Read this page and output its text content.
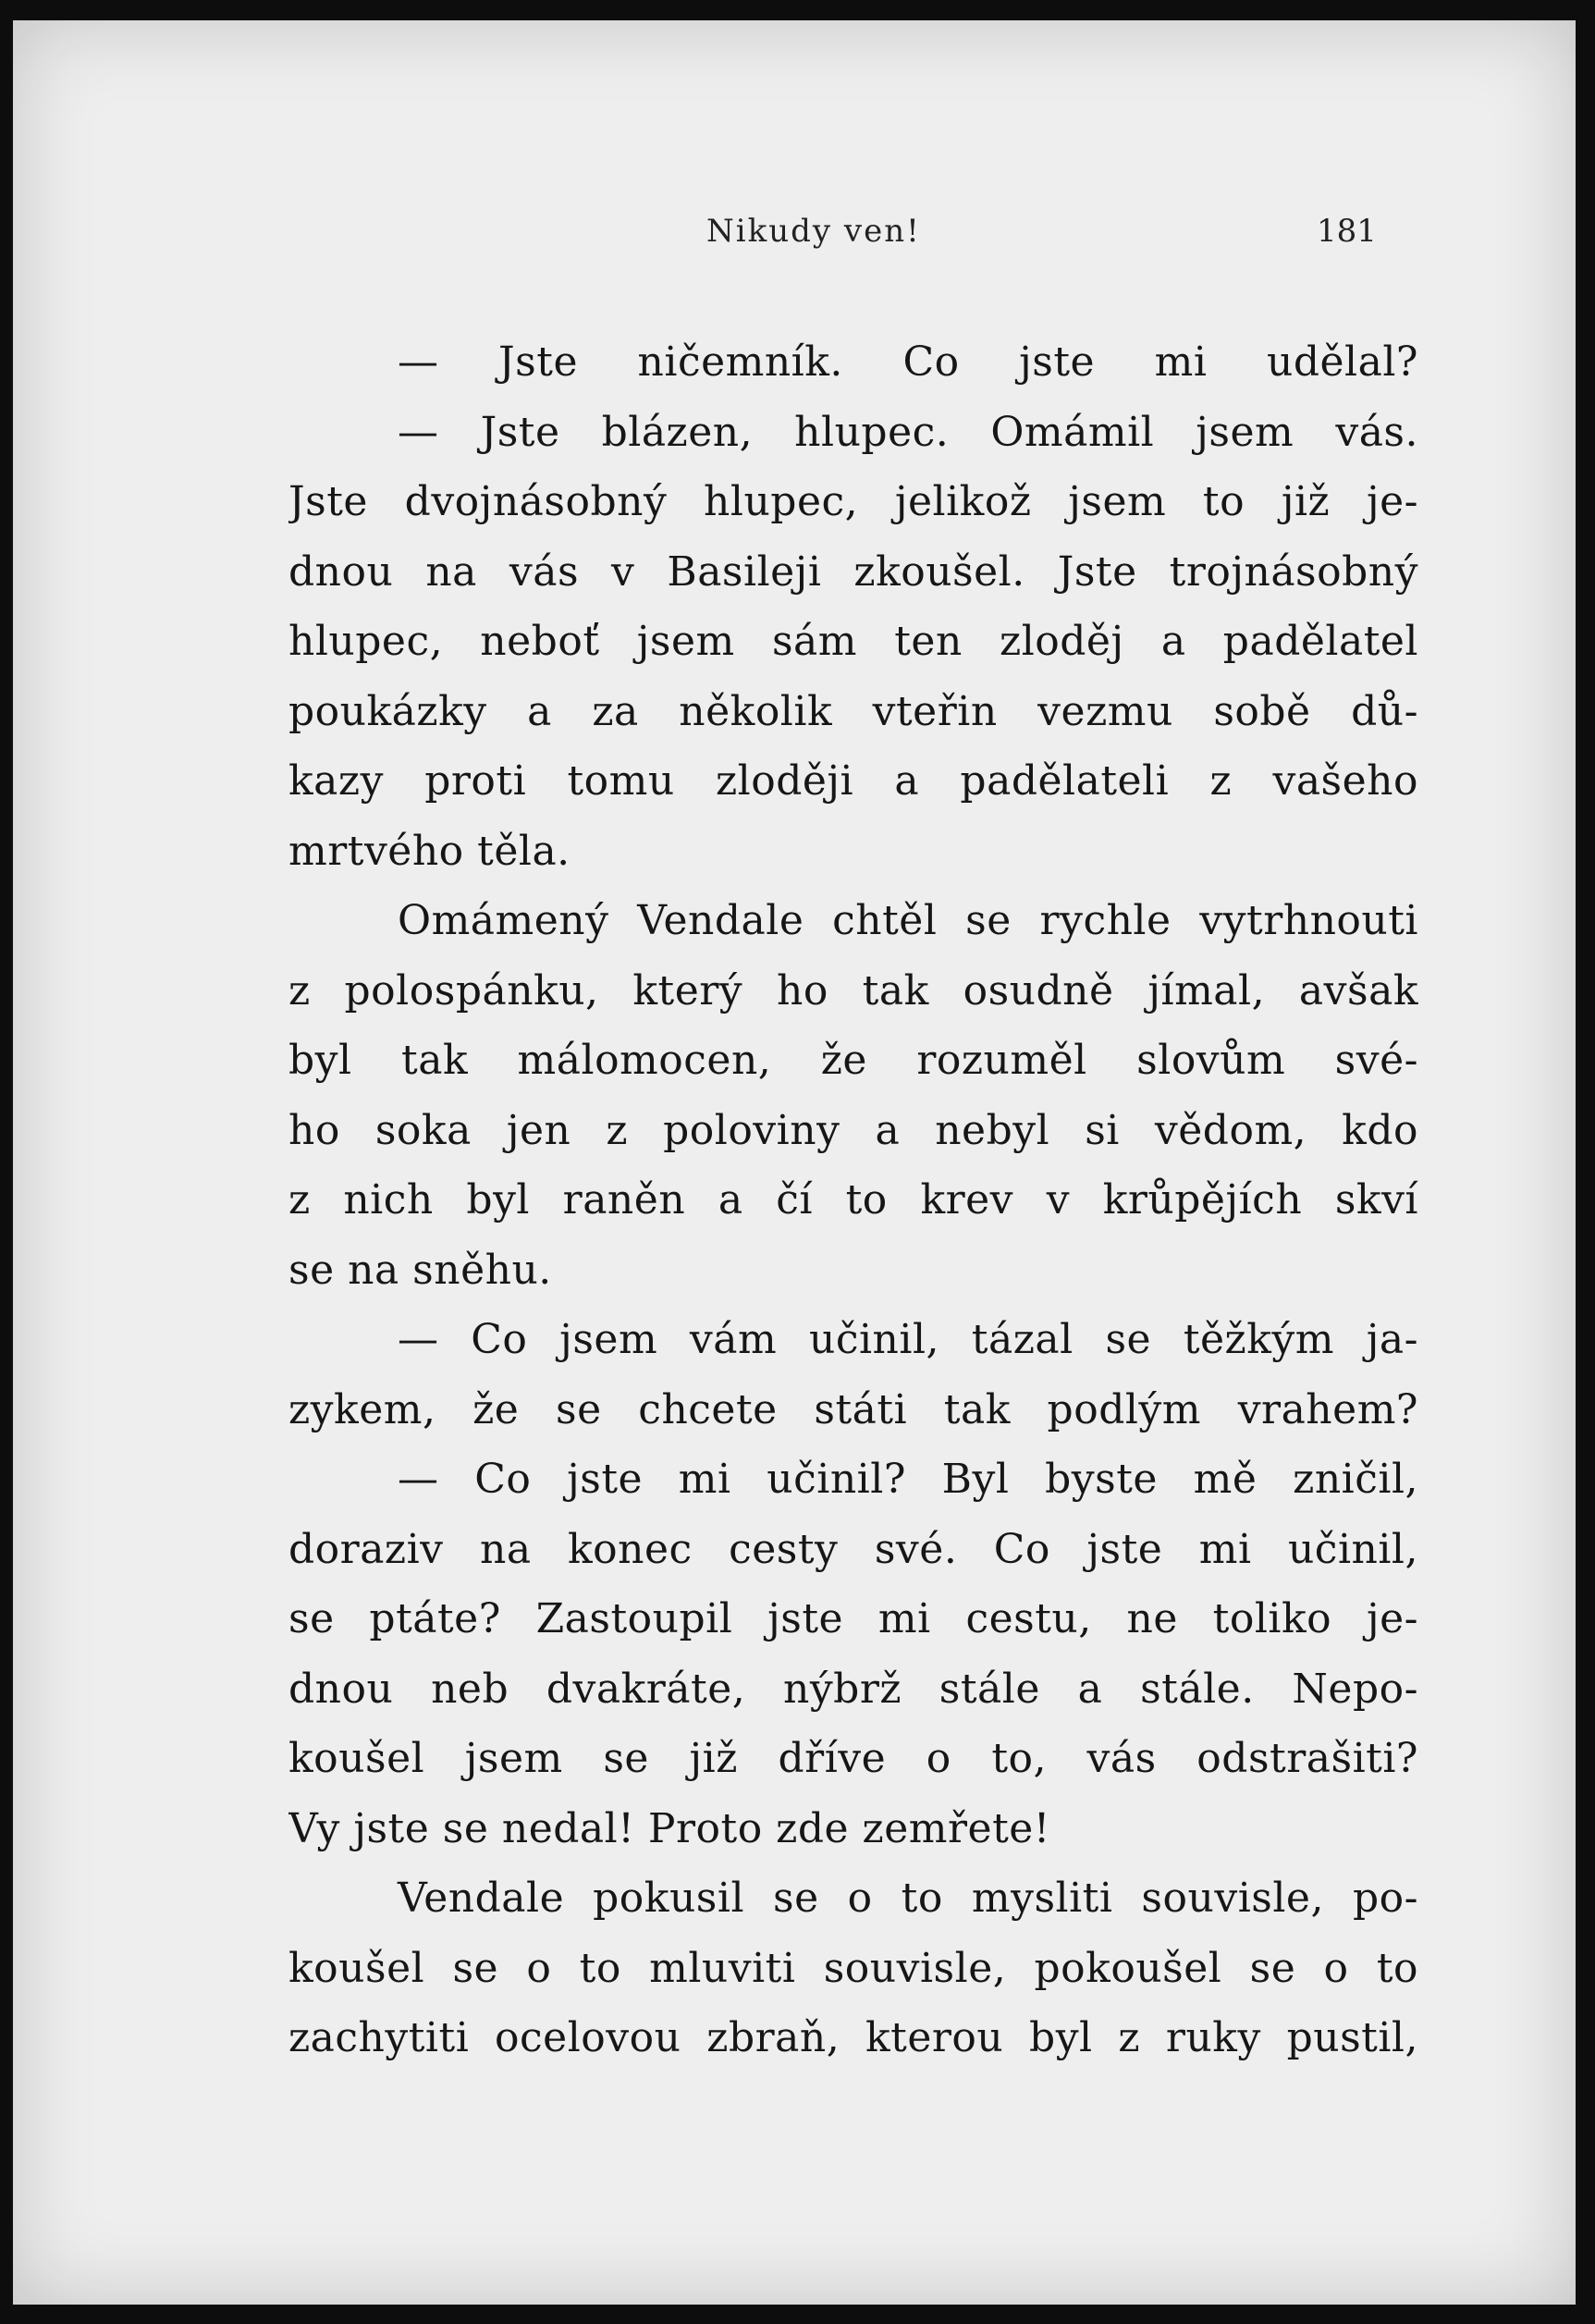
Nikudy ven!	181
— Jste ničemník. Co jste mi udělal?
— Jste blázen, hlupec. Omámil jsem vás.
Jste dvojnásobný hlupec, jelikož jsem to již je-
dnou na vás v Basileji zkoušel. Jste trojnásobný
hlupec, neboť jsem sám ten zloděj a padělatel
poukázky a za několik vteřin vezmu sobě dů-
kazy proti tomu zloději a padělateli z vašeho
mrtvého těla.
Omámený Vendale chtěl se rychle vytrhnouti
z polospánku, který ho tak osudně jímal, avšak
byl tak málomocen, že rozuměl slovům své-
ho soka jen z poloviny a nebyl si vědom, kdo
z nich byl raněn a čí to krev v krůpějích skví
se na sněhu.
— Co jsem vám učinil, tázal se těžkým ja-
zykem, že se chcete státi tak podlým vrahem?
— Co jste mi učinil? Byl byste mě zničil,
doraziv na konec cesty své. Co jste mi učinil,
se ptáte? Zastoupil jste mi cestu, ne toliko je-
dnou neb dvakráte, nýbrž stále a stále. Nepo-
koušel jsem se již dříve o to, vás odstrašiti?
Vy jste se nedal! Proto zde zemřete!
Vendale pokusil se o to mysliti souvisle, po-
koušel se o to mluviti souvisle, pokoušel se o to
zachytiti ocelovou zbraň, kterou byl z ruky pustil,
